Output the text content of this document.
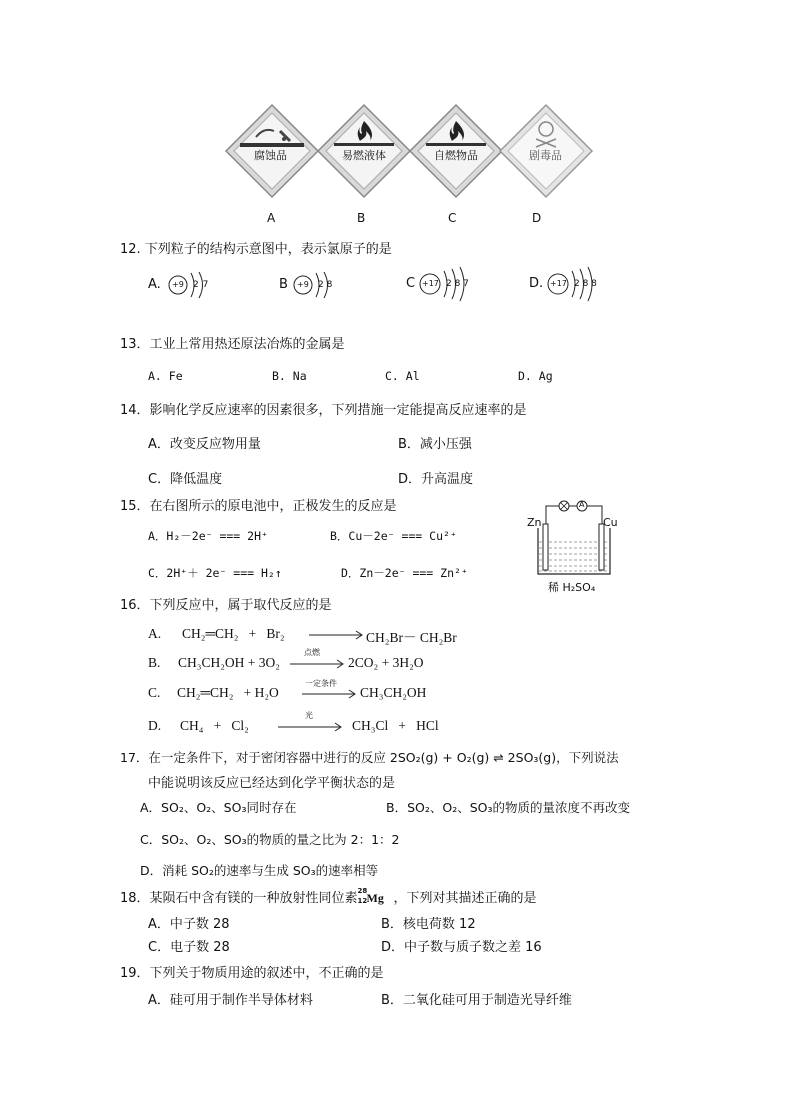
腐蚀品	易燃液体	自燃物品	剧毒品
A	B	C	D
12. 下列粒子的结构示意图中，表示氯原子的是
A. +9 2 7	B +9 2 8	C +17 2 8 7	D. +17 2 8 8
13．工业上常用热还原法冶炼的金属是
A. Fe	B. Na	C. Al	D. Ag
14．影响化学反应速率的因素很多，下列措施一定能提高反应速率的是
A．改变反应物用量	B．减小压强
C．降低温度	D．升高温度
15．在右图所示的原电池中，正极发生的反应是
A．H₂－2e⁻ === 2H⁺	B．Cu－2e⁻ === Cu²⁺
C．2H⁺＋ 2e⁻ === H₂↑	D．Zn－2e⁻ === Zn²⁺
A
Zn	Cu
稀 H₂SO₄
16．下列反应中，属于取代反应的是
A. CH₂═CH₂   +   Br₂	CH₂Br－ CH₂Br
B. CH₃CH₂OH + 3O₂
点燃
2CO₂ + 3H₂O
C. CH₂═CH₂   + H₂O
一定条件
CH₃CH₂OH
D. CH₄   +   Cl₂
光
CH₃Cl   +   HCl
17．在一定条件下，对于密闭容器中进行的反应 2SO₂(g) + O₂(g) ⇌ 2SO₃(g)，下列说法
中能说明该反应已经达到化学平衡状态的是
A．SO₂、O₂、SO₃同时存在	B．SO₂、O₂、SO₃的物质的量浓度不再改变
C．SO₂、O₂、SO₃的物质的量之比为 2：1：2
D．消耗 SO₂的速率与生成 SO₃的速率相等
18．某陨石中含有镁的一种放射性同位素
28
12 Mg ，下列对其描述正确的是
A．中子数 28	B．核电荷数 12
C．电子数 28	D．中子数与质子数之差 16
19．下列关于物质用途的叙述中，不正确的是
A．硅可用于制作半导体材料	B．二氧化硅可用于制造光导纤维
